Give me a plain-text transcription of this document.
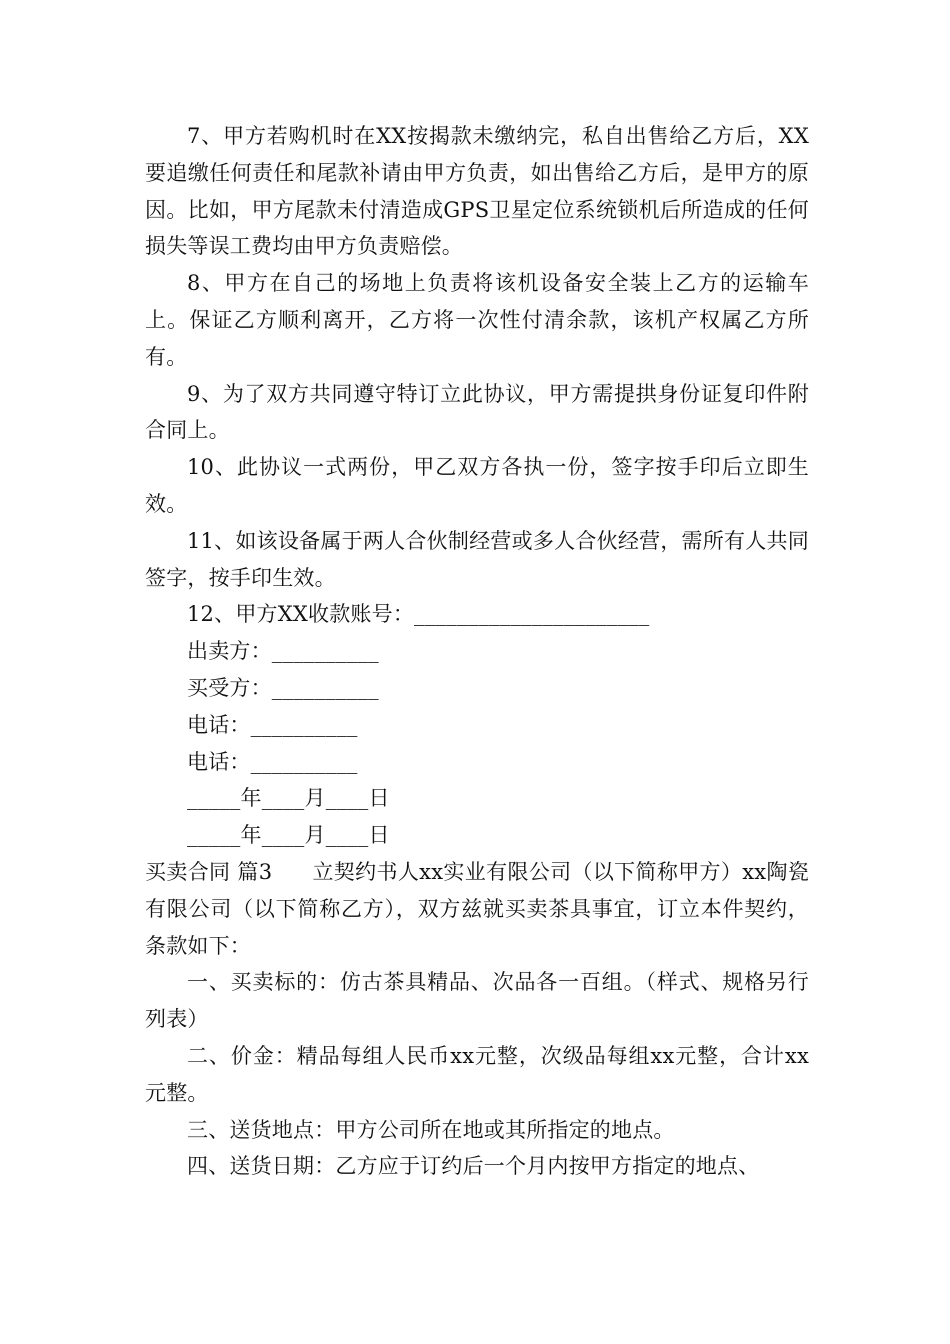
7、甲方若购机时在XX按揭款未缴纳完，私自出售给乙方后，XX要追缴任何责任和尾款补请由甲方负责，如出售给乙方后，是甲方的原因。比如，甲方尾款未付清造成GPS卫星定位系统锁机后所造成的任何损失等误工费均由甲方负责赔偿。

8、甲方在自己的场地上负责将该机设备安全装上乙方的运输车上。保证乙方顺利离开，乙方将一次性付清余款，该机产权属乙方所有。

9、为了双方共同遵守特订立此协议，甲方需提拱身份证复印件附合同上。

10、此协议一式两份，甲乙双方各执一份，签字按手印后立即生效。

11、如该设备属于两人合伙制经营或多人合伙经营，需所有人共同签字，按手印生效。

12、甲方XX收款账号：______________________

出卖方：__________

买受方：__________

电话：__________

电话：__________

_____年____月____日

_____年____月____日

买卖合同 篇3 立契约书人xx实业有限公司（以下简称甲方）xx陶瓷有限公司（以下简称乙方），双方兹就买卖茶具事宜，订立本件契约，条款如下：

一、买卖标的：仿古茶具精品、次品各一百组。（样式、规格另行列表）

二、价金：精品每组人民币xx元整，次级品每组xx元整，合计xx元整。

三、送货地点：甲方公司所在地或其所指定的地点。

四、送货日期：乙方应于订约后一个月内按甲方指定的地点、
